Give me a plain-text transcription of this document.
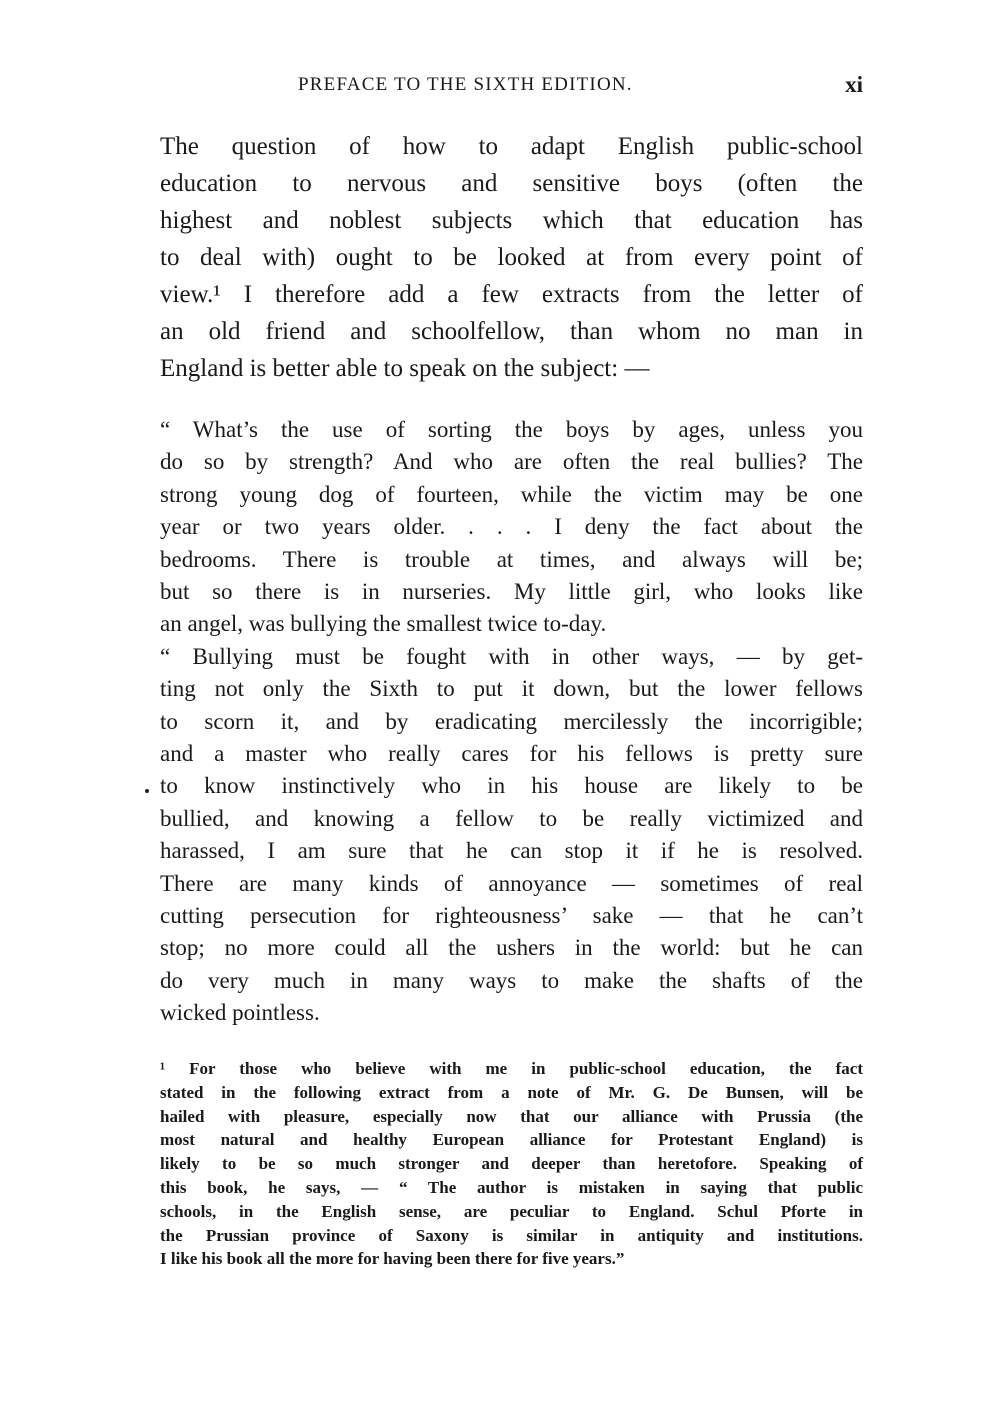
PREFACE TO THE SIXTH EDITION.	xi
The question of how to adapt English public-school
education to nervous and sensitive boys (often the
highest and noblest subjects which that education has
to deal with) ought to be looked at from every point of
view.¹ I therefore add a few extracts from the letter of
an old friend and schoolfellow, than whom no man in
England is better able to speak on the subject: —
“ What’s the use of sorting the boys by ages, unless you
do so by strength? And who are often the real bullies? The
strong young dog of fourteen, while the victim may be one
year or two years older. . . . I deny the fact about the
bedrooms. There is trouble at times, and always will be;
but so there is in nurseries. My little girl, who looks like
an angel, was bullying the smallest twice to-day.
“ Bullying must be fought with in other ways, — by get-
ting not only the Sixth to put it down, but the lower fellows
to scorn it, and by eradicating mercilessly the incorrigible;
and a master who really cares for his fellows is pretty sure
to know instinctively who in his house are likely to be
bullied, and knowing a fellow to be really victimized and
harassed, I am sure that he can stop it if he is resolved.
There are many kinds of annoyance — sometimes of real
cutting persecution for righteousness’ sake — that he can’t
stop; no more could all the ushers in the world: but he can
do very much in many ways to make the shafts of the
wicked pointless.
¹ For those who believe with me in public-school education, the fact
stated in the following extract from a note of Mr. G. De Bunsen, will be
hailed with pleasure, especially now that our alliance with Prussia (the
most natural and healthy European alliance for Protestant England) is
likely to be so much stronger and deeper than heretofore. Speaking of
this book, he says, — “ The author is mistaken in saying that public
schools, in the English sense, are peculiar to England. Schul Pforte in
the Prussian province of Saxony is similar in antiquity and institutions.
I like his book all the more for having been there for five years.”
